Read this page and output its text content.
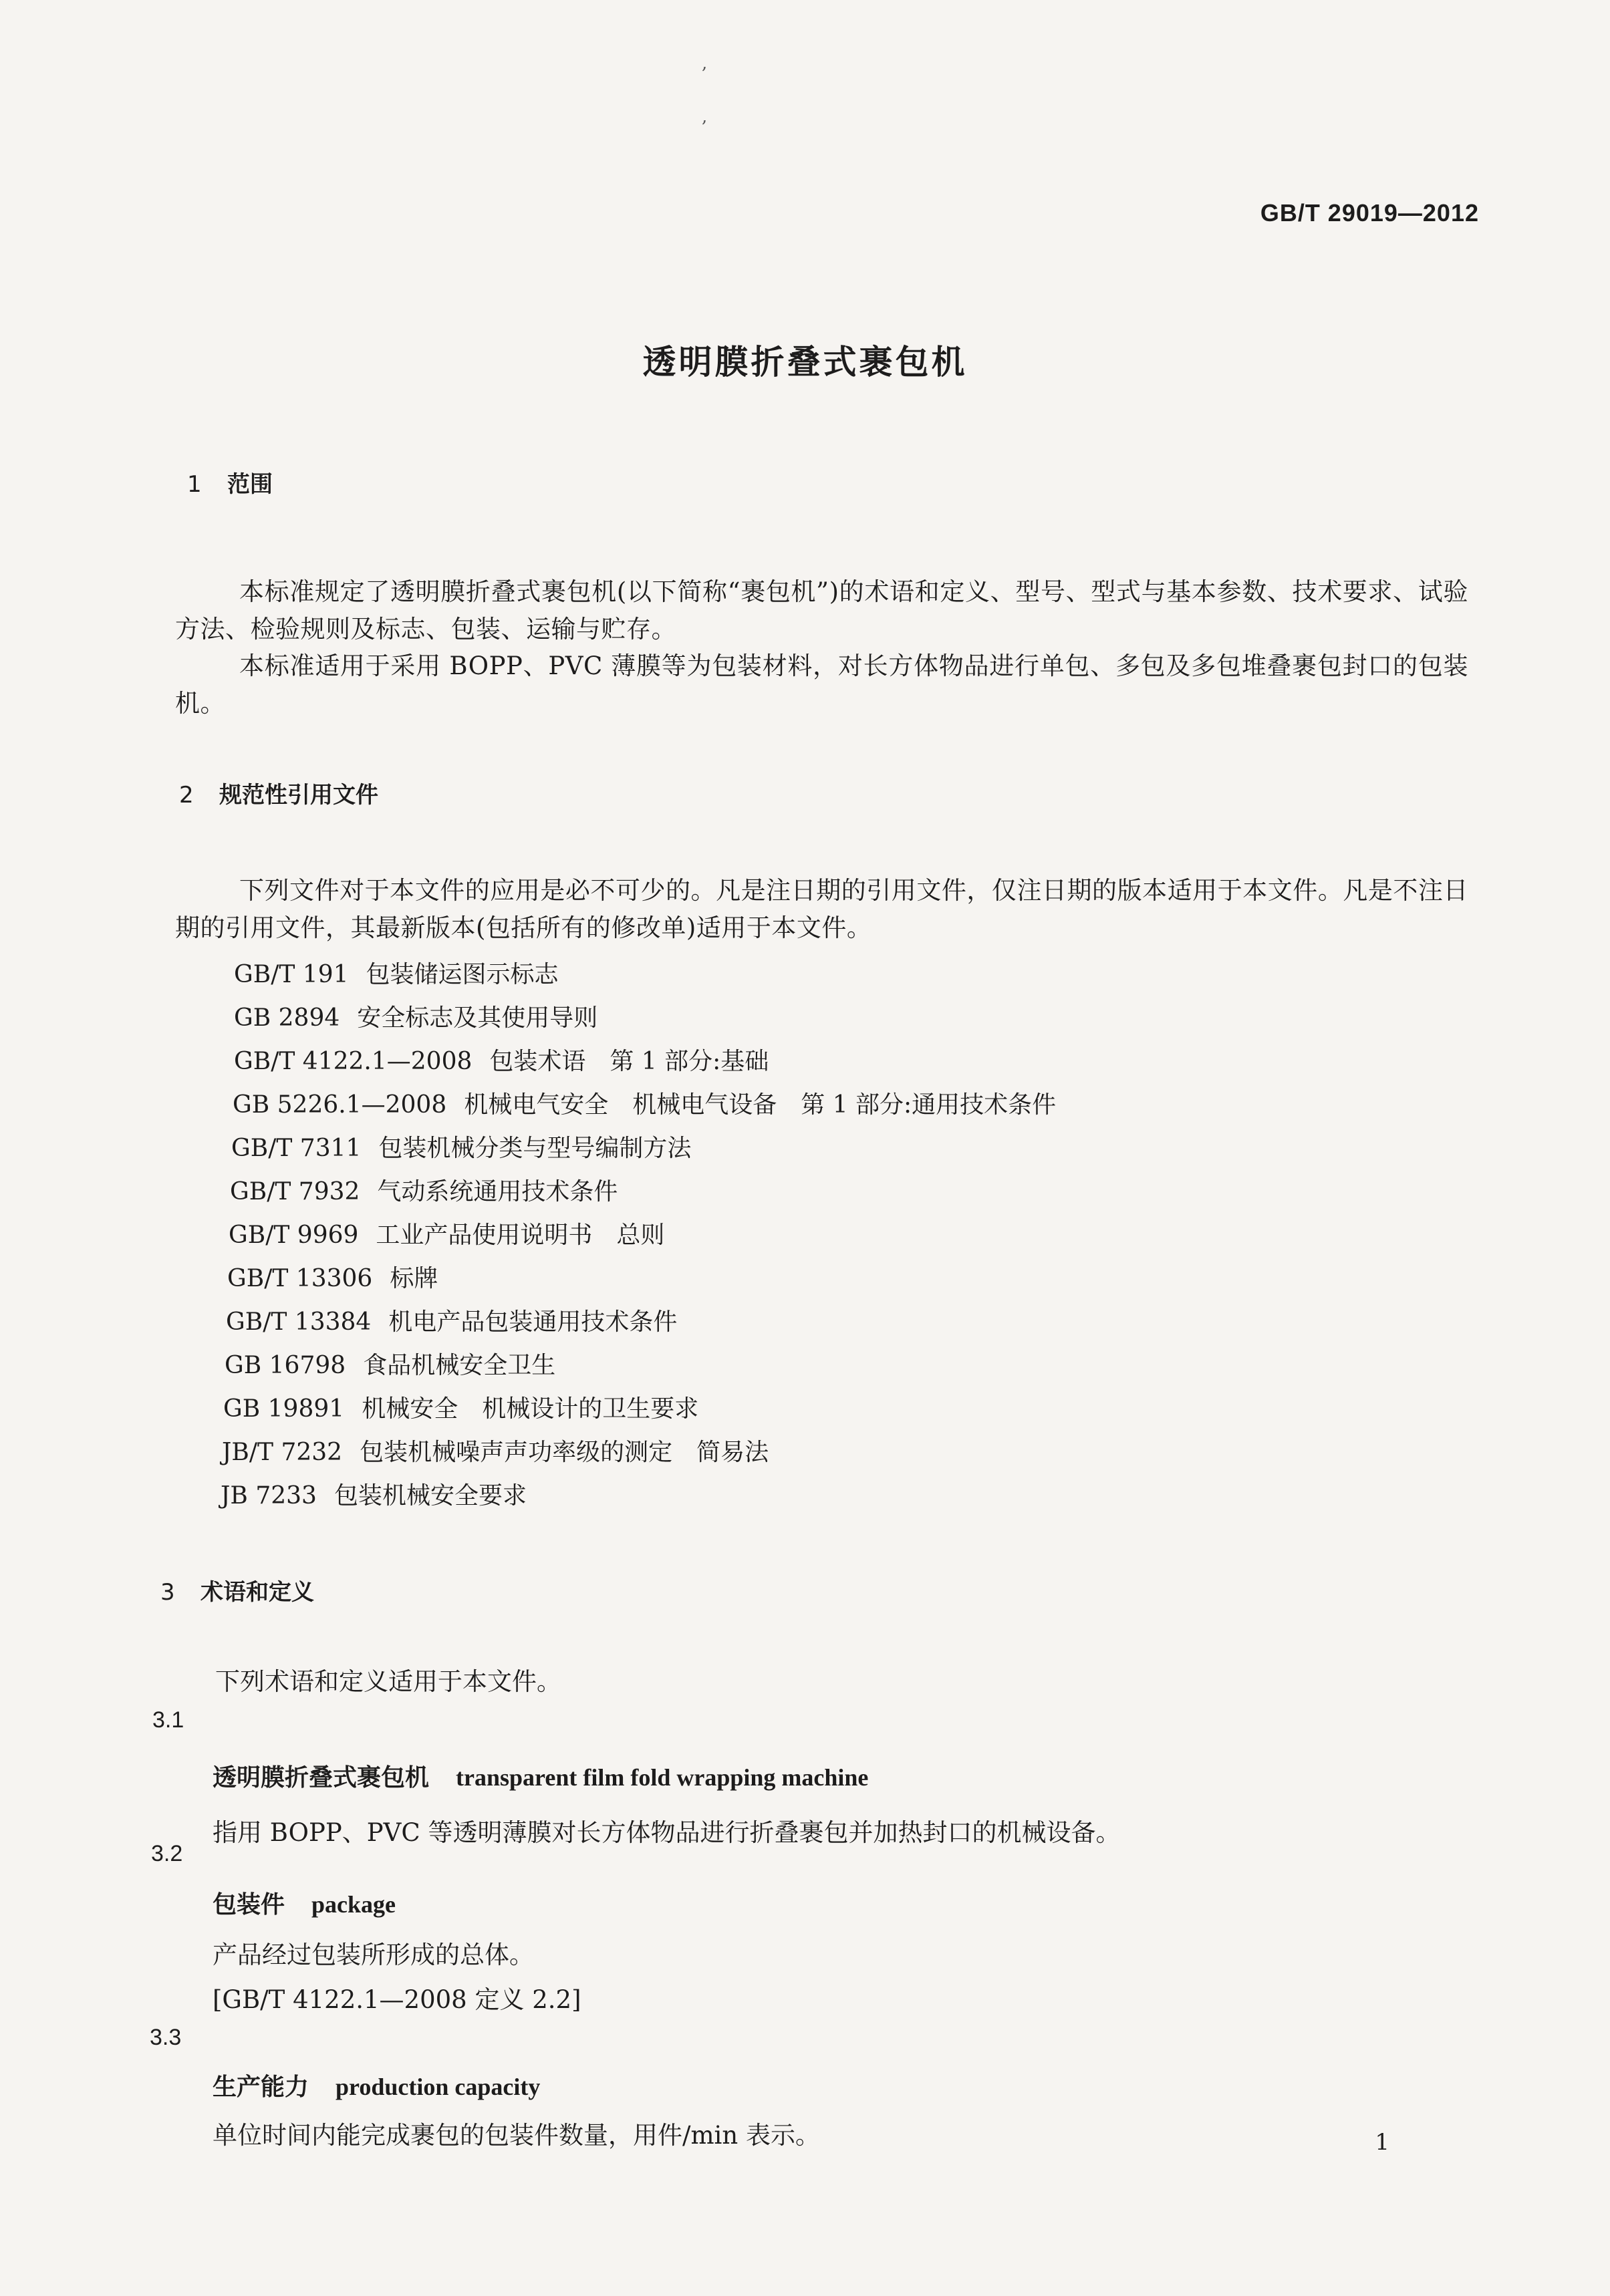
,
,
GB/T 29019—2012
透明膜折叠式裹包机
1 范围
本标准规定了透明膜折叠式裹包机(以下简称“裹包机”)的术语和定义、型号、型式与基本参数、技术要求、试验方法、检验规则及标志、包装、运输与贮存。
本标准适用于采用 BOPP、PVC 薄膜等为包装材料，对长方体物品进行单包、多包及多包堆叠裹包封口的包装机。
2 规范性引用文件
下列文件对于本文件的应用是必不可少的。凡是注日期的引用文件，仅注日期的版本适用于本文件。凡是不注日期的引用文件，其最新版本(包括所有的修改单)适用于本文件。
GB/T 191 包装储运图示标志
GB 2894 安全标志及其使用导则
GB/T 4122.1—2008 包装术语　第 1 部分:基础
GB 5226.1—2008 机械电气安全　机械电气设备　第 1 部分:通用技术条件
GB/T 7311 包装机械分类与型号编制方法
GB/T 7932 气动系统通用技术条件
GB/T 9969 工业产品使用说明书　总则
GB/T 13306 标牌
GB/T 13384 机电产品包装通用技术条件
GB 16798 食品机械安全卫生
GB 19891 机械安全　机械设计的卫生要求
JB/T 7232 包装机械噪声声功率级的测定　简易法
JB 7233 包装机械安全要求
3 术语和定义
下列术语和定义适用于本文件。
3.1
透明膜折叠式裹包机 transparent film fold wrapping machine
指用 BOPP、PVC 等透明薄膜对长方体物品进行折叠裹包并加热封口的机械设备。
3.2
包装件 package
产品经过包装所形成的总体。
[GB/T 4122.1—2008 定义 2.2]
3.3
生产能力 production capacity
单位时间内能完成裹包的包装件数量，用件/min 表示。	1
